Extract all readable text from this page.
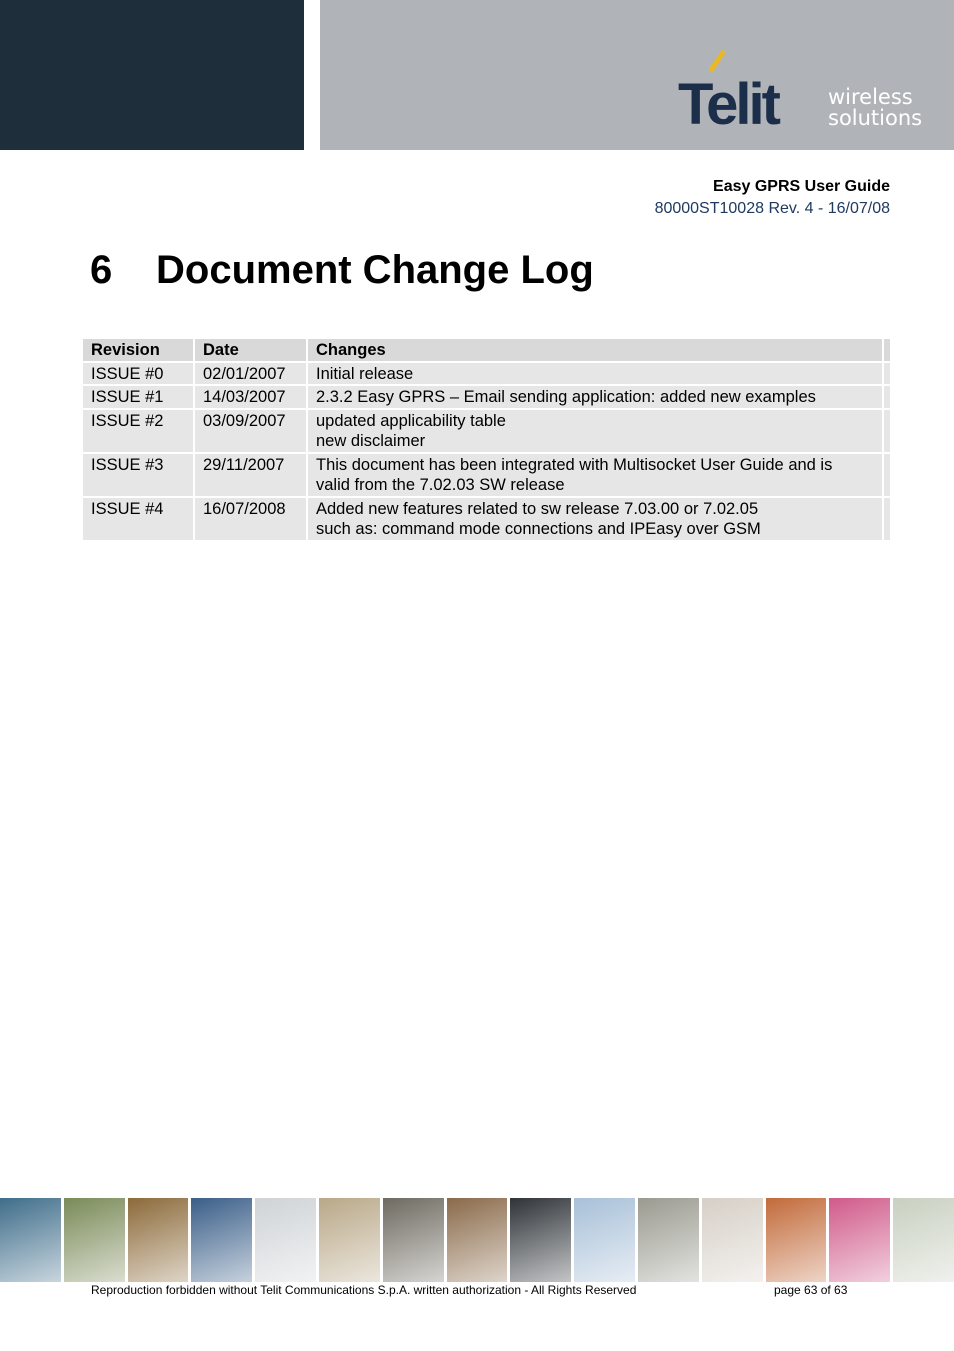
Telit wireless
solutions
Easy GPRS User Guide
80000ST10028 Rev. 4 - 16/07/08
6 Document Change Log
Revision	Date	Changes	
ISSUE #0	02/01/2007	Initial release	

ISSUE #1	14/03/2007	2.3.2 Easy GPRS – Email sending application: added new examples	

ISSUE #2	03/09/2007	updated applicability table
new disclaimer	

ISSUE #3	29/11/2007	This document has been integrated with Multisocket User Guide and is
valid from the 7.02.03 SW release	

ISSUE #4	16/07/2008	Added new features related to sw release 7.03.00 or 7.02.05
such as: command mode connections and IPEasy over GSM	

Reproduction forbidden without Telit Communications S.p.A. written authorization - All Rights Reserved	page 63 of 63
